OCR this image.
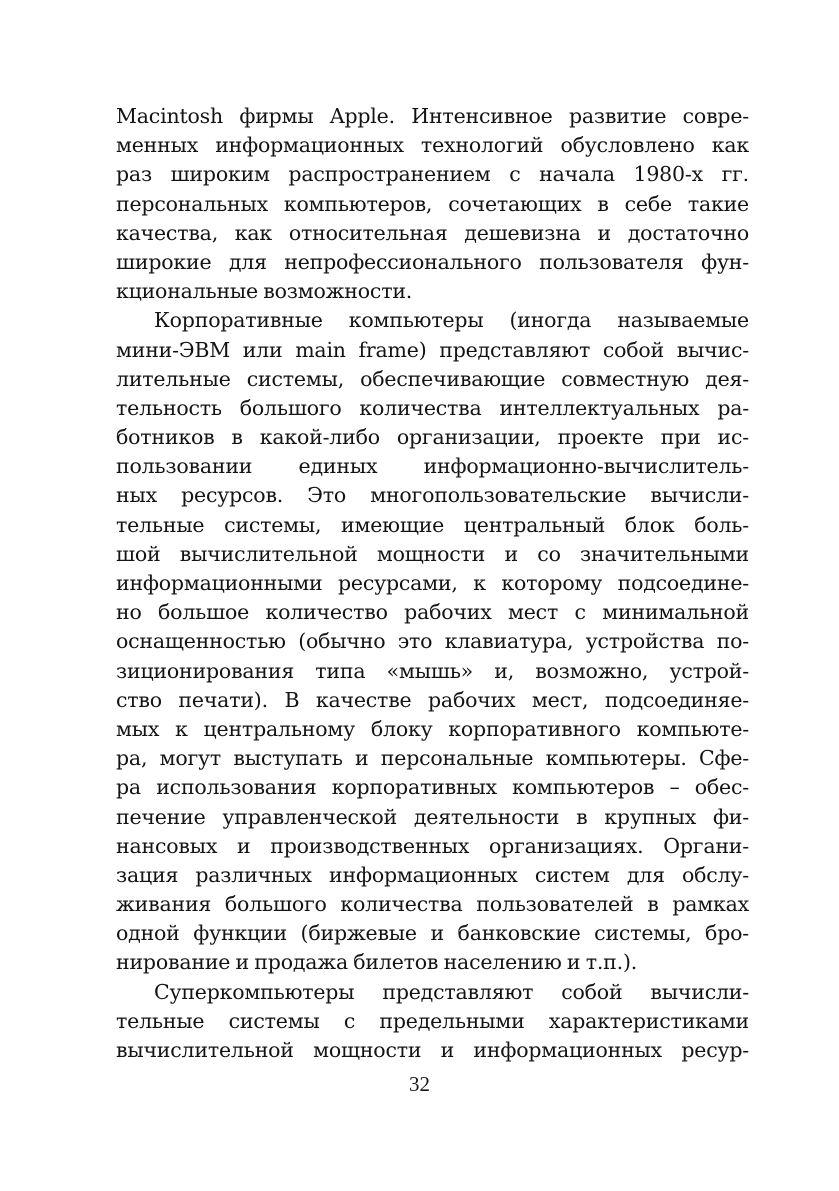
Macintosh фирмы Apple. Интенсивное развитие совре-
менных информационных технологий обусловлено как
раз широким распространением с начала 1980-х гг.
персональных компьютеров, сочетающих в себе такие
качества, как относительная дешевизна и достаточно
широкие для непрофессионального пользователя фун-
кциональные возможности.
Корпоративные компьютеры (иногда называемые
мини-ЭВМ или main frame) представляют собой вычис-
лительные системы, обеспечивающие совместную дея-
тельность большого количества интеллектуальных ра-
ботников в какой-либо организации, проекте при ис-
пользовании единых информационно-вычислитель-
ных ресурсов. Это многопользовательские вычисли-
тельные системы, имеющие центральный блок боль-
шой вычислительной мощности и со значительными
информационными ресурсами, к которому подсоедине-
но большое количество рабочих мест с минимальной
оснащенностью (обычно это клавиатура, устройства по-
зиционирования типа «мышь» и, возможно, устрой-
ство печати). В качестве рабочих мест, подсоединяе-
мых к центральному блоку корпоративного компьюте-
ра, могут выступать и персональные компьютеры. Сфе-
ра использования корпоративных компьютеров – обес-
печение управленческой деятельности в крупных фи-
нансовых и производственных организациях. Органи-
зация различных информационных систем для обслу-
живания большого количества пользователей в рамках
одной функции (биржевые и банковские системы, бро-
нирование и продажа билетов населению и т.п.).
Суперкомпьютеры представляют собой вычисли-
тельные системы с предельными характеристиками
вычислительной мощности и информационных ресур-
32
